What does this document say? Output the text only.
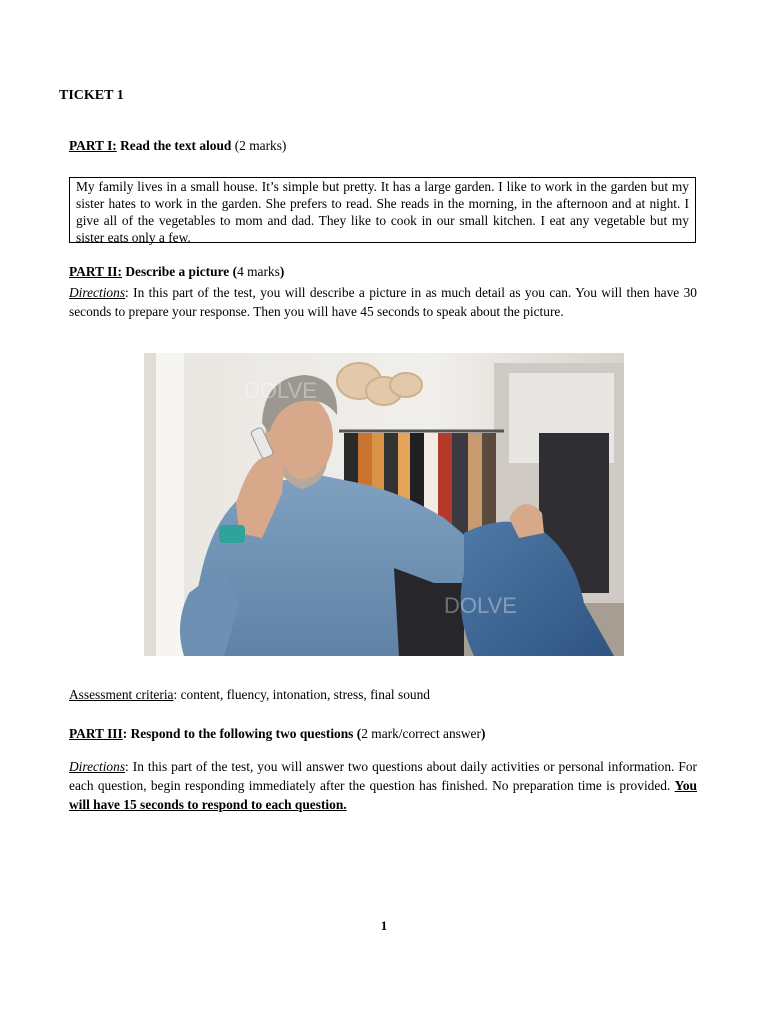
TICKET 1
PART I: Read the text aloud (2 marks)
My family lives in a small house. It’s simple but pretty. It has a large garden. I like to work in the garden but my sister hates to work in the garden. She prefers to read. She reads in the morning, in the afternoon and at night. I give all of the vegetables to mom and dad. They like to cook in our small kitchen. I eat any vegetable but my sister eats only a few.
PART II: Describe a picture (4 marks)
Directions: In this part of the test, you will describe a picture in as much detail as you can. You will then have 30 seconds to prepare your response. Then you will have 45 seconds to speak about the picture.
DOLVE
DOLVE
Assessment criteria: content, fluency, intonation, stress, final sound
PART III: Respond to the following two questions (2 mark/correct answer)
Directions: In this part of the test, you will answer two questions about daily activities or personal information. For each question, begin responding immediately after the question has finished. No preparation time is provided. You will have 15 seconds to respond to each question.
1
